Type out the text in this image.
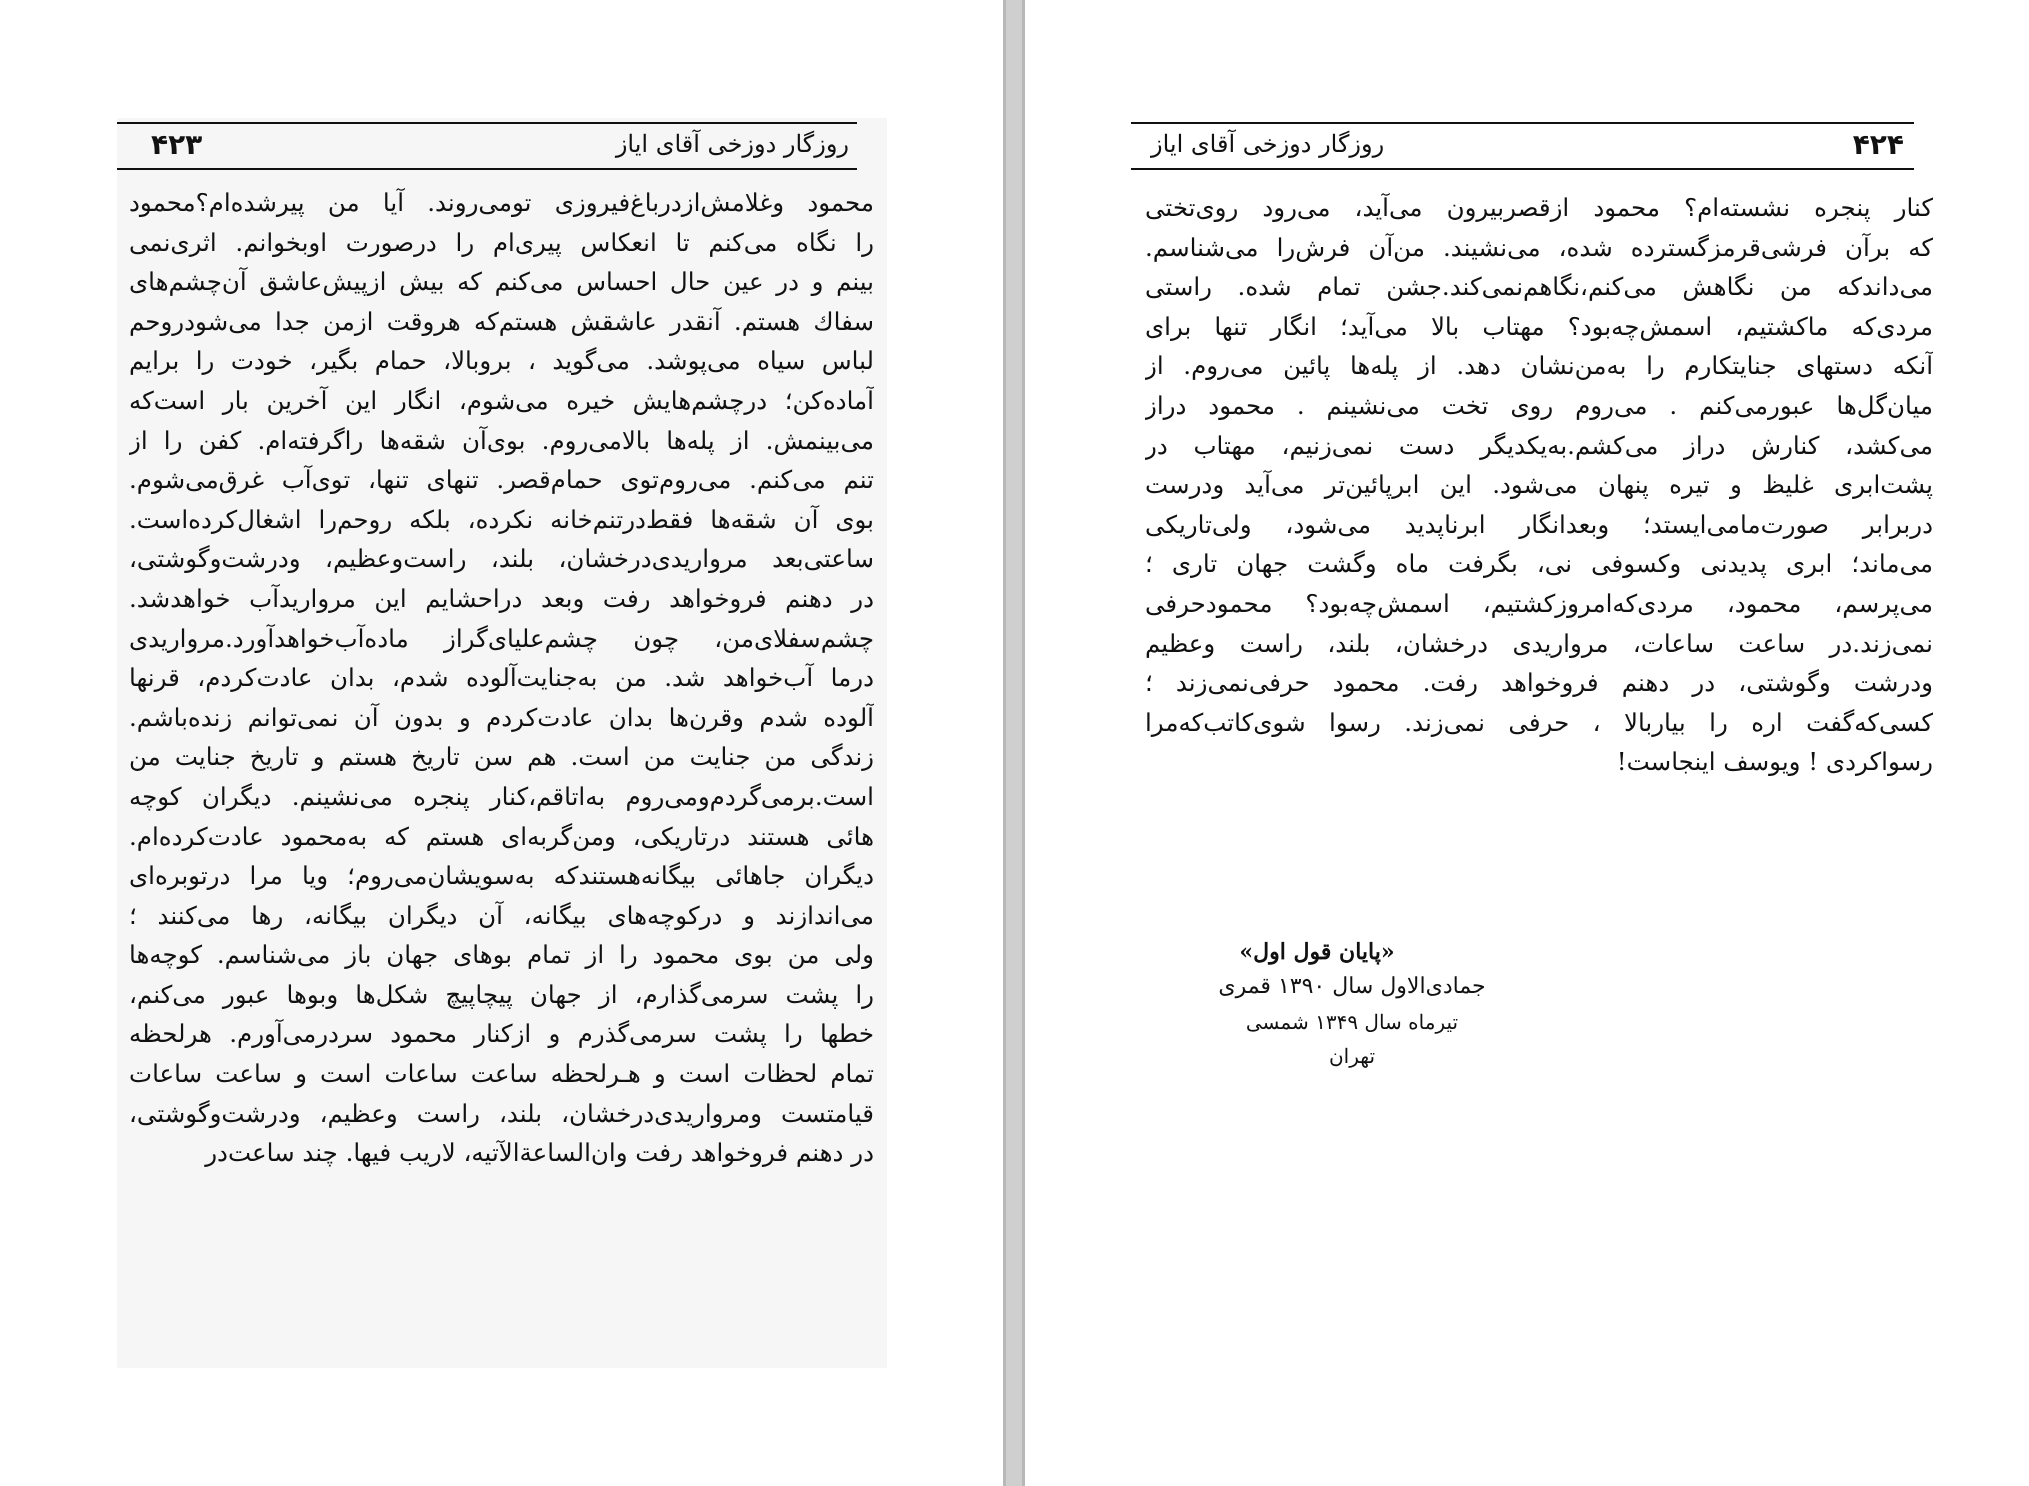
۴۲۳	روزگار دوزخی آقای ایاز
محمود وغلامش‌ازدرباغ‌فیروزی تومی‌روند. آیا من پیرشده‌ام؟محمود
را نگاه می‌کنم تا انعکاس پیری‌ام را درصورت اوبخوانم. اثری‌نمی‌
بینم و در عین حال احساس می‌کنم که بیش ازپیش‌عاشق آن‌چشم‌های
سفاك هستم. آنقدر عاشقش هستم‌که هروقت ازمن جدا می‌شودروحم
لباس سیاه می‌پوشد. می‌گوید ، بروبالا، حمام بگیر، خودت را برایم
آماده‌کن؛ درچشم‌هایش خیره می‌شوم، انگار این آخرین بار است‌که
می‌بینمش. از پله‌ها بالامی‌روم. بوی‌آن شقه‌ها راگرفته‌ام. کفن را از
تنم می‌کنم. می‌روم‌توی حمام‌قصر. تنهای تنها، توی‌آب غرق‌می‌شوم.
بوی آن شقه‌ها فقط‌درتنم‌خانه نکرده، بلکه روحم‌را اشغال‌کرده‌است.
ساعتی‌بعد مرواریدی‌درخشان، بلند، راست‌وعظیم، ودرشت‌وگوشتی،
در دهنم فروخواهد رفت وبعد دراحشایم این مرواریدآب خواهدشد.
چشم‌سفلای‌من، چون چشم‌علیای‌گراز ماده‌آب‌خواهدآورد.مرواریدی
درما آب‌خواهد شد. من به‌جنایت‌آلوده شدم، بدان عادت‌کردم، قرنها
آلوده شدم وقرن‌ها بدان عادت‌کردم و بدون آن نمی‌توانم زنده‌باشم.
زندگی من جنایت من است. هم سن تاریخ هستم و تاریخ جنایت من
است.برمی‌گردم‌ومی‌روم به‌اتاقم،کنار پنجره می‌نشینم. دیگران کوچه‌
هائی هستند درتاریکی، ومن‌گربه‌ای هستم که به‌محمود عادت‌کرده‌ام.
دیگران جاهائی بیگانه‌هستندکه به‌سویشان‌می‌روم؛ ویا مرا درتوبره‌ای
می‌اندازند و درکوچه‌های بیگانه، آن دیگران بیگانه، رها می‌کنند ؛
ولی من بوی محمود را از تمام بوهای جهان باز می‌شناسم. کوچه‌ها
را پشت سرمی‌گذارم، از جهان پیچاپیچ شکل‌ها وبوها عبور می‌کنم،
خطها را پشت سرمی‌گذرم و ازکنار محمود سردرمی‌آورم. هرلحظه
تمام لحظات است و هـرلحظه ساعت ساعات است و ساعت ساعات
قیامتست ومرواریدی‌درخشان، بلند، راست وعظیم، ودرشت‌وگوشتی،
در دهنم فروخواهد رفت وان‌الساعة‌الآتیه، لاریب فیها. چند ساعت‌در
۴۲۴
روزگار دوزخی آقای ایاز
کنار پنجره نشسته‌ام؟ محمود ازقصربیرون می‌آید، می‌رود روی‌تختی
که برآن فرشی‌قرمزگسترده شده، می‌نشیند. من‌آن فرش‌را می‌شناسم.
می‌داندکه من نگاهش می‌کنم،نگاهم‌نمی‌کند.جشن تمام شده. راستی
مردی‌که ماکشتیم، اسمش‌چه‌بود؟ مهتاب بالا می‌آید؛ انگار تنها برای
آنکه دستهای جنایتکارم را به‌من‌نشان دهد. از پله‌ها پائین می‌روم. از
میان‌گل‌ها عبورمی‌کنم . می‌روم روی تخت می‌نشینم . محمود دراز
می‌کشد، کنارش دراز می‌کشم.به‌یکدیگر دست نمی‌زنیم، مهتاب در
پشت‌ابری غلیظ و تیره پنهان می‌شود. این ابرپائین‌تر می‌آید ودرست
دربرابر صورت‌مامی‌ایستد؛ وبعدانگار ابرناپدید می‌شود، ولی‌تاریکی
می‌ماند؛ ابری پدیدنی وکسوفی نی، بگرفت ماه وگشت جهان تاری ؛
می‌پرسم، محمود، مردی‌که‌امروزکشتیم، اسمش‌چه‌بود؟ محمود‌حرفی
نمی‌زند.در ساعت ساعات، مرواریدی درخشان، بلند، راست وعظیم
ودرشت وگوشتی، در دهنم فروخواهد رفت. محمود حرفی‌نمی‌زند ؛
کسی‌که‌گفت اره را بیاربالا ، حرفی نمی‌زند. رسوا شوی‌کاتب‌که‌مرا
رسواکردی ! ویوسف اینجاست!
«پایان قول اول»
جمادی‌الاول سال ۱۳۹۰ قمری
تیرماه سال ۱۳۴۹ شمسی
تهران
